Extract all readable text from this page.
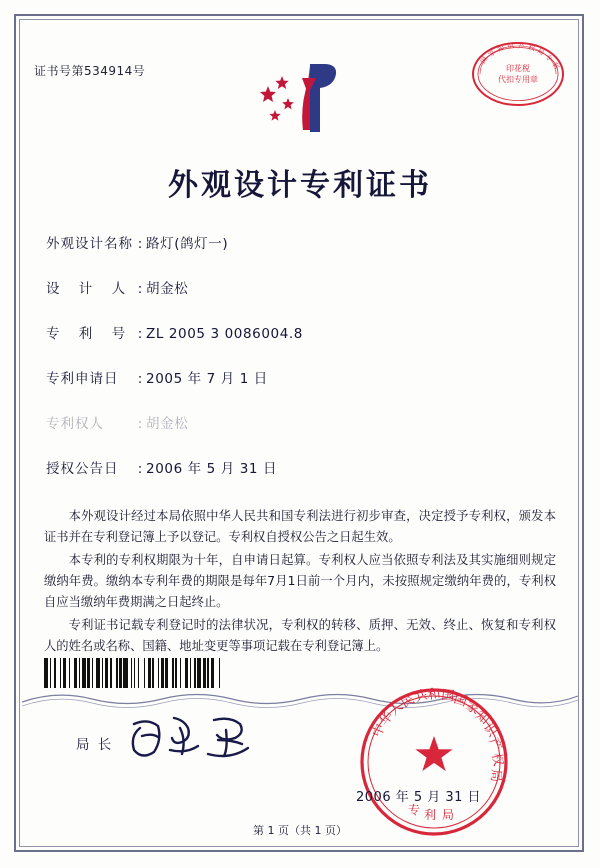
证书号第534914号	印花税
代扣专用章
国
家
知 识 产 权 局
专
利
外观设计专利证书
外观设计名称 : 路灯(鸽灯一)
设 计 人 : 胡金松
专 利 号 : ZL 2005 3 0086004.8
专利申请日 : 2005 年 7 月 1 日
专利权人 : 胡金松
授权公告日 : 2006 年 5 月 31 日

本外观设计经过本局依照中华人民共和国专利法进行初步审查，决定授予专利权，颁发本证书并在专利登记簿上予以登记。专利权自授权公告之日起生效。

本专利的专利权期限为十年，自申请日起算。专利权人应当依照专利法及其实施细则规定缴纳年费。缴纳本专利年费的期限是每年7月1日前一个月内，未按照规定缴纳年费的，专利权自应当缴纳年费期满之日起终止。

专利证书记载专利登记时的法律状况，专利权的转移、质押、无效、终止、恢复和专利权人的姓名或名称、国籍、地址变更等事项记载在专利登记簿上。

局 长
中
华
人
民
共
和 国
国
家
知
识
产
权
局
专 利 局
2006 年 5 月 31 日
第 1 页（共 1 页）
